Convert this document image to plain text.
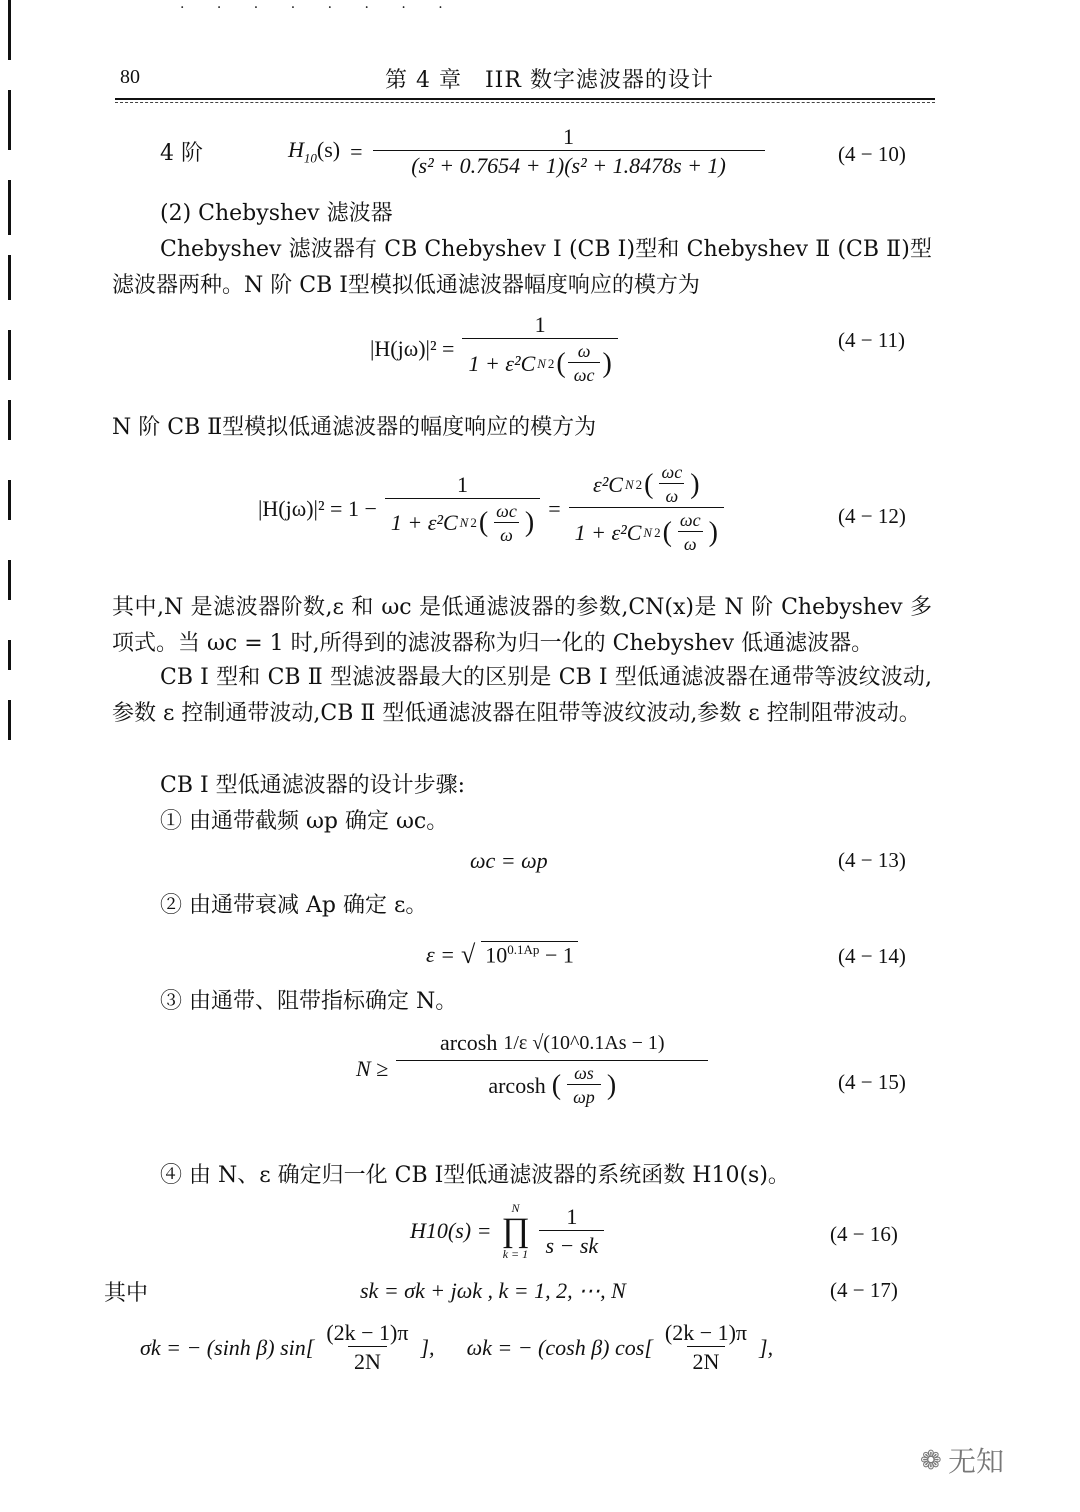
· · · · · · · ·
80	第 4 章　IIR 数字滤波器的设计
4 阶	$H_{10}(s) = \frac{1}{\text{(s² + 0.7654 + 1)(s² + 1.8478s + 1)}}$	(4 − 10)
(2) Chebyshev 滤波器
Chebyshev 滤波器有 CB Chebyshev Ⅰ (CB Ⅰ)型和 Chebyshev Ⅱ (CB Ⅱ)型滤波器两种。N 阶 CB Ⅰ型模拟低通滤波器幅度响应的模方为
$|H(j\omega)|^2 = \frac{1}{1 + \varepsilon^2C N 2 ( \frac{\omega}{\omega c} )}$	(4 − 11)
N 阶 CB Ⅱ型模拟低通滤波器的幅度响应的模方为
$|H(j\omega)|^2 = 1 - \frac{1}{1 + \varepsilon^2C N 2 ( \frac{\omega c}{\omega} )} = \frac{\varepsilon^2C N 2 ( \frac{\omega c}{\omega} )}{1 + \varepsilon^2C N 2 ( \frac{\omega c}{\omega} )}$	(4 − 12)
其中,N 是滤波器阶数,ε 和 ωc 是低通滤波器的参数,CN(x)是 N 阶 Chebyshev 多项式。当 ωc = 1 时,所得到的滤波器称为归一化的 Chebyshev 低通滤波器。
CB Ⅰ 型和 CB Ⅱ 型滤波器最大的区别是 CB Ⅰ 型低通滤波器在通带等波纹波动,参数 ε 控制通带波动,CB Ⅱ 型低通滤波器在阻带等波纹波动,参数 ε 控制阻带波动。
CB Ⅰ 型低通滤波器的设计步骤:
① 由通带截频 ωp 确定 ωc。
ωc = ωp	(4 − 13)
② 由通带衰减 Ap 确定 ε。
ε = √ $10^{0.1Ap} - 1$	(4 − 14)
③ 由通带、阻带指标确定 N。
$N \ge \frac{arcosh 1/\varepsilon √(10\^{}0.1As - 1)}{arcosh ( \frac{\omega s}{\omega p} )}$	(4 − 15)
④ 由 N、ε 确定归一化 CB Ⅰ型低通滤波器的系统函数 H10(s)。
H10(s) =
N
∏
$k = 1 \frac{1}{s - sk}$	(4 − 16)
其中	sk = σk + jωk , k = 1, 2, ⋯, N	(4 − 17)
σk = − (sinh β) $\sin[ \frac{(2k - 1)\pi}{2N}$ ], ωk = − (cosh β) $\cos[ \frac{(2k - 1)\pi}{2N}$ ],
❁ 无知
